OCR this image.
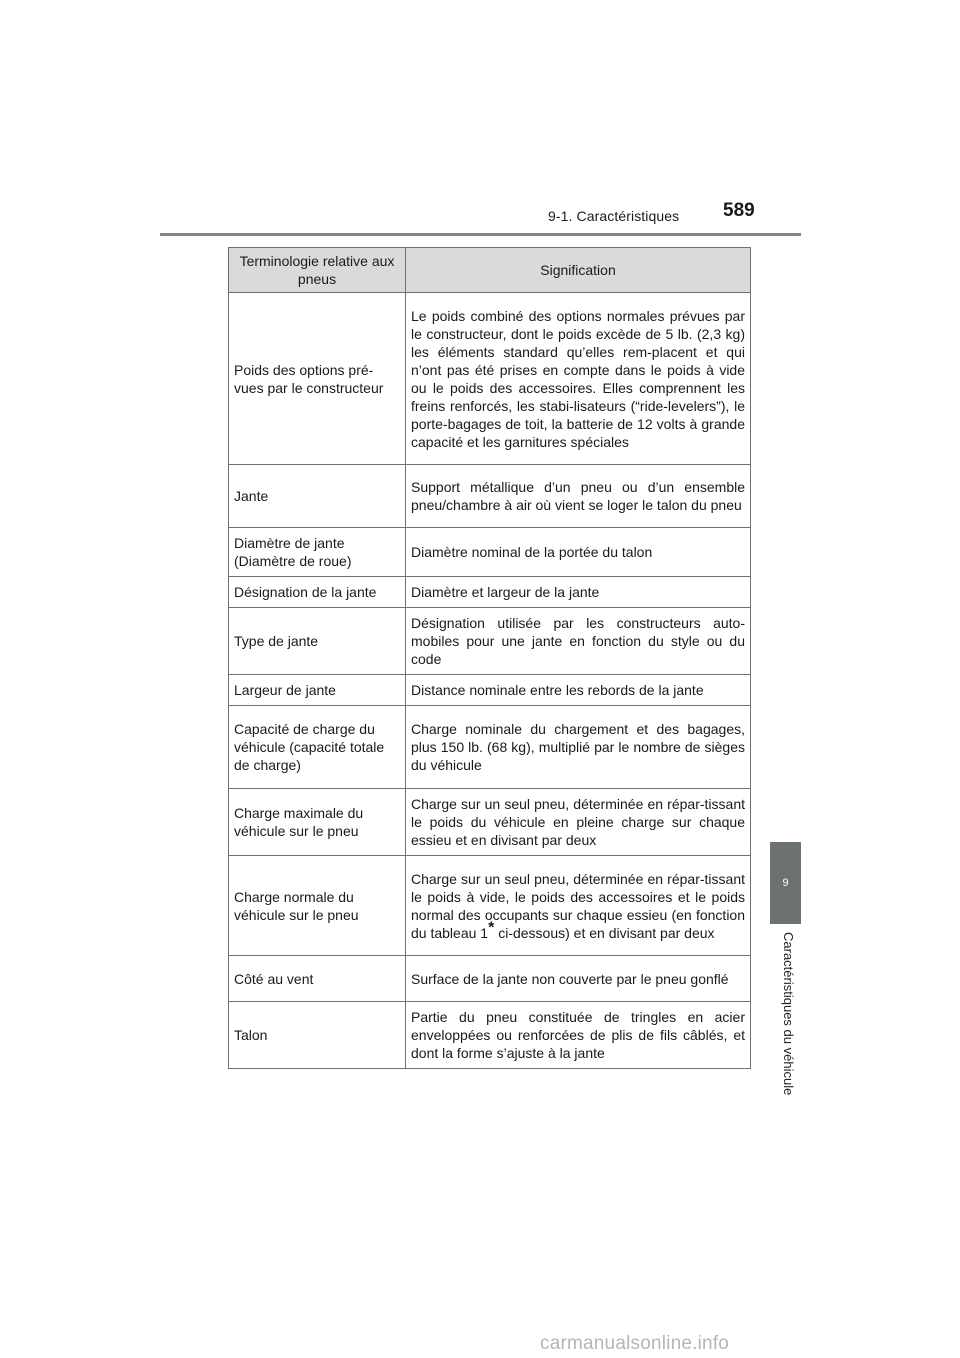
9-1. Caractéristiques 589
9
Caractéristiques du véhicule
Terminologie relative aux pneus	Signification
Poids des options pré-vues par le constructeur	Le poids combiné des options normales prévues par le constructeur, dont le poids excède de 5 lb. (2,3 kg) les éléments standard qu’elles rem-placent et qui n’ont pas été prises en compte dans le poids à vide ou le poids des accessoires. Elles comprennent les freins renforcés, les stabi-lisateurs (“ride-levelers”), le porte-bagages de toit, la batterie de 12 volts à grande capacité et les garnitures spéciales
Jante	Support métallique d’un pneu ou d’un ensemble pneu/chambre à air où vient se loger le talon du pneu
Diamètre de jante (Diamètre de roue)	Diamètre nominal de la portée du talon
Désignation de la jante	Diamètre et largeur de la jante
Type de jante	Désignation utilisée par les constructeurs auto-mobiles pour une jante en fonction du style ou du code
Largeur de jante	Distance nominale entre les rebords de la jante
Capacité de charge du véhicule (capacité totale de charge)	Charge nominale du chargement et des bagages, plus 150 lb. (68 kg), multiplié par le nombre de sièges du véhicule
Charge maximale du véhicule sur le pneu	Charge sur un seul pneu, déterminée en répar-tissant le poids du véhicule en pleine charge sur chaque essieu et en divisant par deux
Charge normale du véhicule sur le pneu	Charge sur un seul pneu, déterminée en répar-tissant le poids à vide, le poids des accessoires et le poids normal des occupants sur chaque essieu (en fonction du tableau 1* ci-dessous) et en divisant par deux
Côté au vent	Surface de la jante non couverte par le pneu gonflé
Talon	Partie du pneu constituée de tringles en acier enveloppées ou renforcées de plis de fils câblés, et dont la forme s’ajuste à la jante
carmanualsonline.info
